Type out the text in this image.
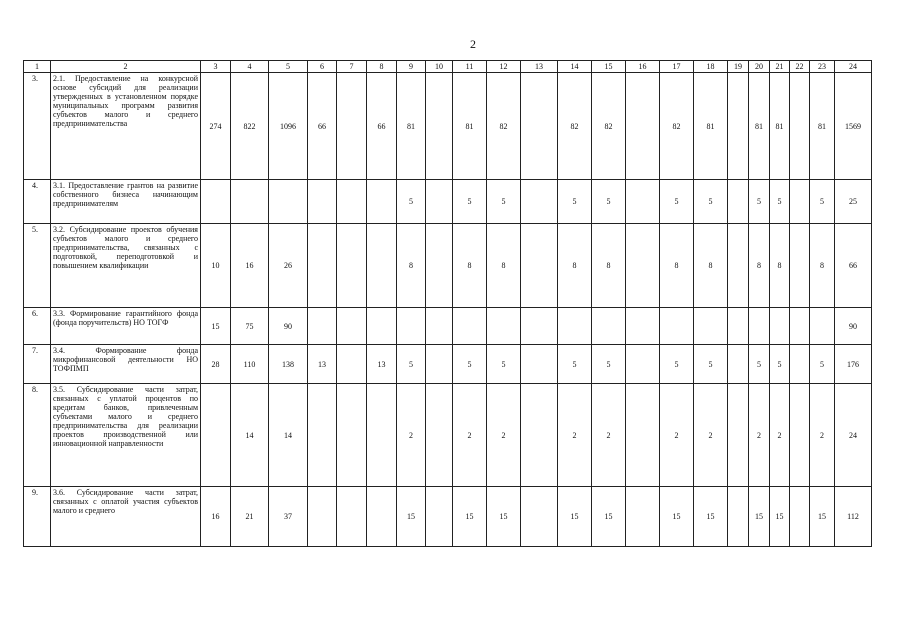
2
1	2	3	4	5	6	7	8	9	10	11	12	13	14	15	16	17	18	19	20	21	22	23	24
3.	2.1. Предоставление на конкурсной основе субсидий для реализации утвержденных в установленном порядке муниципальных программ развития субъектов малого и среднего предпринимательства	274	822	1096	66		66	81		81	82		82	82		82	81		81	81		81	1569
4.	3.1. Предоставление грантов на развитие собственного бизнеса начинающим предпринимателям							5		5	5		5	5		5	5		5	5		5	25
5.	3.2. Субсидирование проектов обучения субъектов малого и среднего предпринимательства, связанных с подготовкой, переподготовкой и повышением квалификации	10	16	26				8		8	8		8	8		8	8		8	8		8	66
6.	3.3. Формирование гарантийного фонда (фонда поручительств) НО ТОГФ	15	75	90																			90
7.	3.4. Формирование фонда микрофинансовой деятельности НО ТОФПМП	28	110	138	13		13	5		5	5		5	5		5	5		5	5		5	176
8.	3.5. Субсидирование части затрат, связанных с уплатой процентов по кредитам банков, привлеченным субъектами малого и среднего предпринимательства для реализации проектов производственной или инновационной направленности		14	14				2		2	2		2	2		2	2		2	2		2	24
9.	3.6. Субсидирование части затрат, связанных с оплатой участия субъектов малого и среднего	16	21	37				15		15	15		15	15		15	15		15	15		15	112
